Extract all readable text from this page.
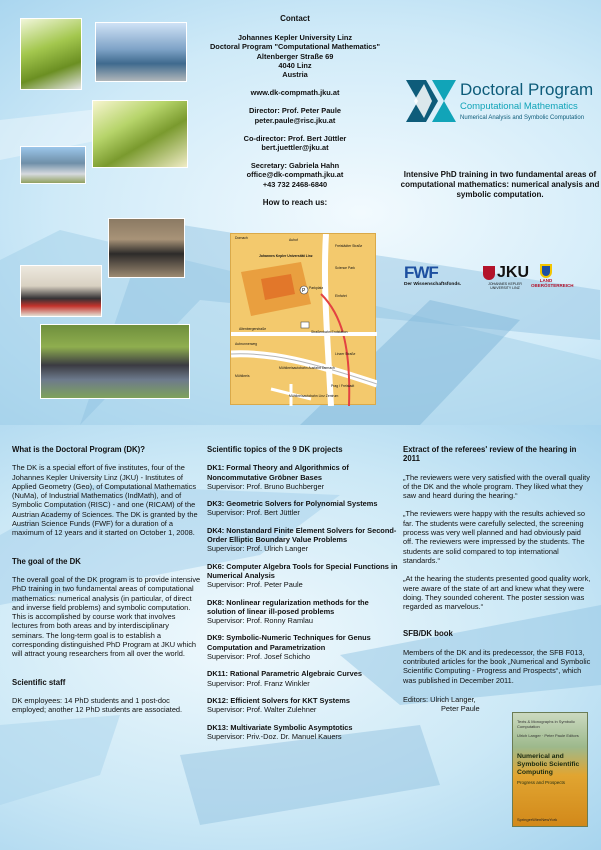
Contact
Johannes Kepler University Linz
Doctoral Program "Computational Mathematics"
Altenberger Straße 69
4040 Linz
Austria
www.dk-compmath.jku.at
Director: Prof. Peter Paule
peter.paule@risc.jku.at
Co-director: Prof. Bert Jüttler
bert.juettler@jku.at
Secretary: Gabriela Hahn
office@dk-compmath.jku.at
+43 732 2468-6840
How to reach us:
P
Johannes Kepler Universität Linz
Science Park
Einfahrt
Parkplatz
Altenbergerstraße
Freistädter Straße
Linzer Straße
Straßenbahn Endstation
Mühlkreisautobahn Ausfahrt Dornach
Prag / Freistadt
Mühlkreisautobahn Linz Zentrum
Dornach
Aubrunnerweg
Mühlkreis
Auhof
Doctoral Program
Computational Mathematics
Numerical Analysis and Symbolic Computation
Intensive PhD training in two fundamental areas of computational mathematics: numerical analysis and symbolic computation.
FWF
Der Wissenschaftsfonds.
JKU
JOHANNES KEPLER UNIVERSITY LINZ
LAND OBERÖSTERREICH
What is the Doctoral Program (DK)?
The DK is a special effort of five institutes, four of the Johannes Kepler University Linz (JKU) - Institutes of Applied Geometry (Geo), of Computational Mathematics (NuMa), of Industrial Mathematics (IndMath), and of Symbolic Computation (RISC) - and one (RICAM) of the Austrian Academy of Sciences. The DK is granted by the Austrian Science Funds (FWF) for a duration of a maximum of 12 years and it started on October 1, 2008.
The goal of the DK
The overall goal of the DK program is to provide intensive PhD training in two fundamental areas of computational mathematics: numerical analysis (in particular, of direct and inverse field problems) and symbolic computation. This is accomplished by course work that involves lectures from both areas and by interdisciplinary seminars. The long-term goal is to establish a corresponding distinguished PhD Program at JKU which will attract young researchers from all over the world.
Scientific staff
DK employees: 14 PhD students and 1 post-doc employed; another 12 PhD students are associated.
Scientific topics of the 9 DK projects
DK1: Formal Theory and Algorithmics of Noncommutative Gröbner Bases
Supervisor: Prof. Bruno Buchberger
DK3: Geometric Solvers for Polynomial Systems
Supervisor: Prof. Bert Jüttler
DK4: Nonstandard Finite Element Solvers for Second-Order Elliptic Boundary Value Problems
Supervisor: Prof. Ulrich Langer
DK6: Computer Algebra Tools for Special Functions in Numerical Analysis
Supervisor: Prof. Peter Paule
DK8: Nonlinear regularization methods for the solution of linear ill-posed problems
Supervisor: Prof. Ronny Ramlau
DK9: Symbolic-Numeric Techniques for Genus Computation and Parametrization
Supervisor: Prof. Josef Schicho
DK11: Rational Parametric Algebraic Curves
Supervisor: Prof. Franz Winkler
DK12: Efficient Solvers for KKT Systems
Supervisor: Prof. Walter Zulehner
DK13: Multivariate Symbolic Asymptotics
Supervisor: Priv.-Doz. Dr. Manuel Kauers
Extract of the referees' review of the hearing in 2011
„The reviewers were very satisfied with the overall quality of the DK and the whole program. They liked what they saw and heard during the hearing.“
„The reviewers were happy with the results achieved so far. The students were carefully selected, the screening process was very well planned and had obviously paid off. The reviewers were impressed by the students. The students are solid compared to top international standards.“
„At the hearing the students presented good quality work, were aware of the state of art and knew what they were doing. They sounded coherent. The poster session was regarded as marvelous.“
SFB/DK book
Members of the DK and its predecessor, the SFB F013, contributed articles for the book „Numerical and Symbolic Scientific Computing - Progress and Prospects“, which was published in December 2011.
Editors: Ulrich Langer,
Peter Paule
Texts & Monographs in Symbolic Computation
Ulrich Langer · Peter Paule Editors
Numerical and Symbolic Scientific Computing
Progress and Prospects
SpringerWienNewYork
